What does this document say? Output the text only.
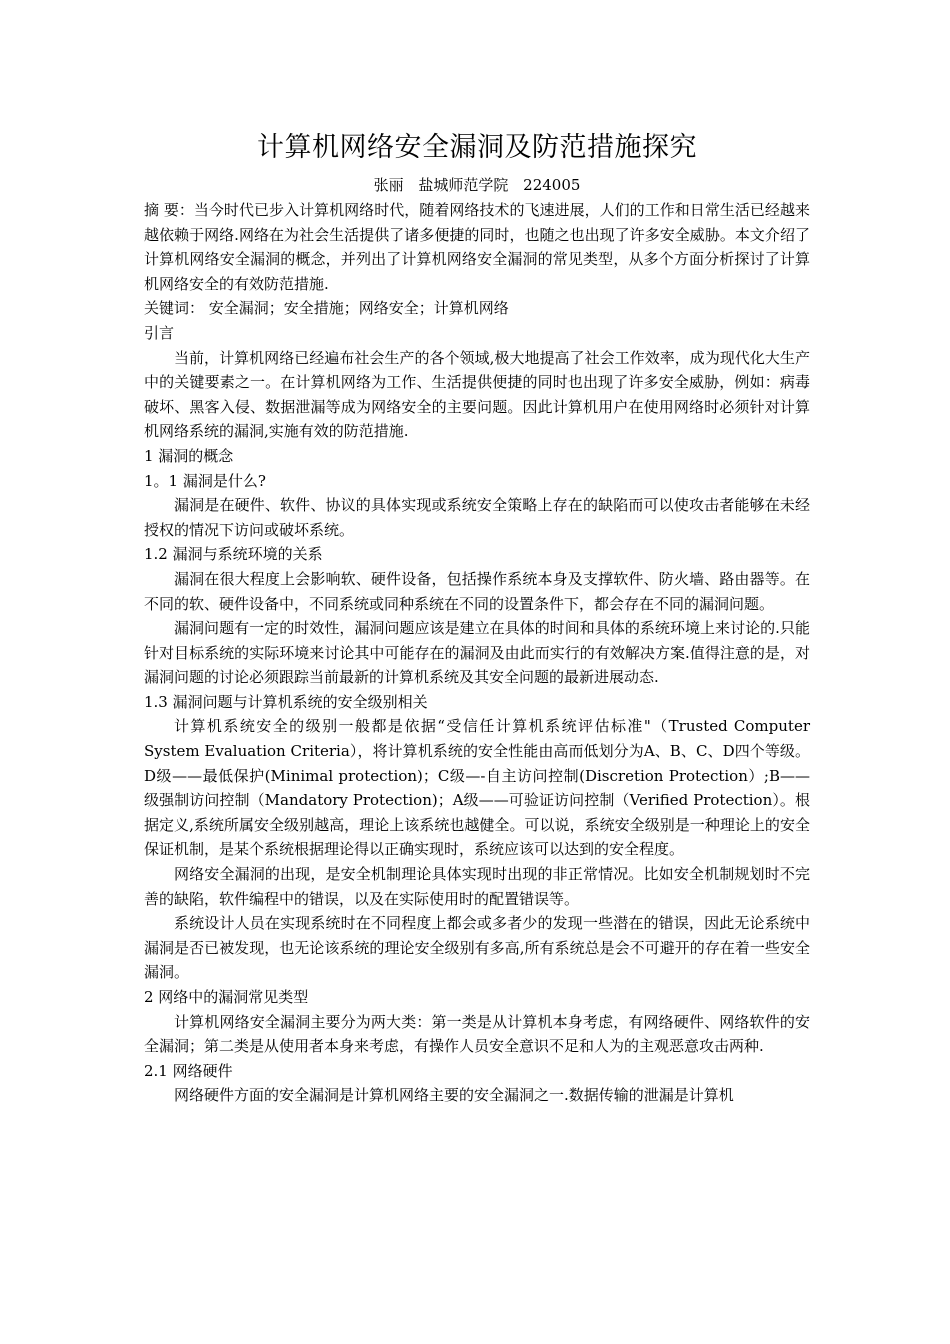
计算机网络安全漏洞及防范措施探究

张丽 盐城师范学院 224005

摘 要：当今时代已步入计算机网络时代，随着网络技术的飞速进展，人们的工作和日常生活已经越来越依赖于网络.网络在为社会生活提供了诸多便捷的同时，也随之也出现了许多安全威胁。本文介绍了计算机网络安全漏洞的概念，并列出了计算机网络安全漏洞的常见类型，从多个方面分析探讨了计算机网络安全的有效防范措施.

关键词： 安全漏洞；安全措施；网络安全；计算机网络

引言

当前，计算机网络已经遍布社会生产的各个领域,极大地提高了社会工作效率，成为现代化大生产中的关键要素之一。在计算机网络为工作、生活提供便捷的同时也出现了许多安全威胁，例如：病毒破坏、黑客入侵、数据泄漏等成为网络安全的主要问题。因此计算机用户在使用网络时必须针对计算机网络系统的漏洞,实施有效的防范措施.

1 漏洞的概念

1。1 漏洞是什么?

漏洞是在硬件、软件、协议的具体实现或系统安全策略上存在的缺陷而可以使攻击者能够在未经授权的情况下访问或破坏系统。

1.2 漏洞与系统环境的关系

漏洞在很大程度上会影响软、硬件设备，包括操作系统本身及支撑软件、防火墙、路由器等。在不同的软、硬件设备中，不同系统或同种系统在不同的设置条件下，都会存在不同的漏洞问题。

漏洞问题有一定的时效性，漏洞问题应该是建立在具体的时间和具体的系统环境上来讨论的.只能针对目标系统的实际环境来讨论其中可能存在的漏洞及由此而实行的有效解决方案.值得注意的是，对漏洞问题的讨论必须跟踪当前最新的计算机系统及其安全问题的最新进展动态.

1.3 漏洞问题与计算机系统的安全级别相关

计算机系统安全的级别一般都是依据“受信任计算机系统评估标准"（Trusted Computer System Evaluation Criteria），将计算机系统的安全性能由高而低划分为A、B、C、D四个等级。D级——最低保护(Minimal protection)；C级—-自主访问控制(Discretion Protection）;B——级强制访问控制（Mandatory Protection)；A级——可验证访问控制（Verified Protection）。根据定义,系统所属安全级别越高，理论上该系统也越健全。可以说，系统安全级别是一种理论上的安全保证机制，是某个系统根据理论得以正确实现时，系统应该可以达到的安全程度。

网络安全漏洞的出现，是安全机制理论具体实现时出现的非正常情况。比如安全机制规划时不完善的缺陷，软件编程中的错误，以及在实际使用时的配置错误等。

系统设计人员在实现系统时在不同程度上都会或多者少的发现一些潜在的错误，因此无论系统中漏洞是否已被发现，也无论该系统的理论安全级别有多高,所有系统总是会不可避开的存在着一些安全漏洞。

2 网络中的漏洞常见类型

计算机网络安全漏洞主要分为两大类：第一类是从计算机本身考虑，有网络硬件、网络软件的安全漏洞；第二类是从使用者本身来考虑，有操作人员安全意识不足和人为的主观恶意攻击两种.

2.1 网络硬件

网络硬件方面的安全漏洞是计算机网络主要的安全漏洞之一.数据传输的泄漏是计算机
